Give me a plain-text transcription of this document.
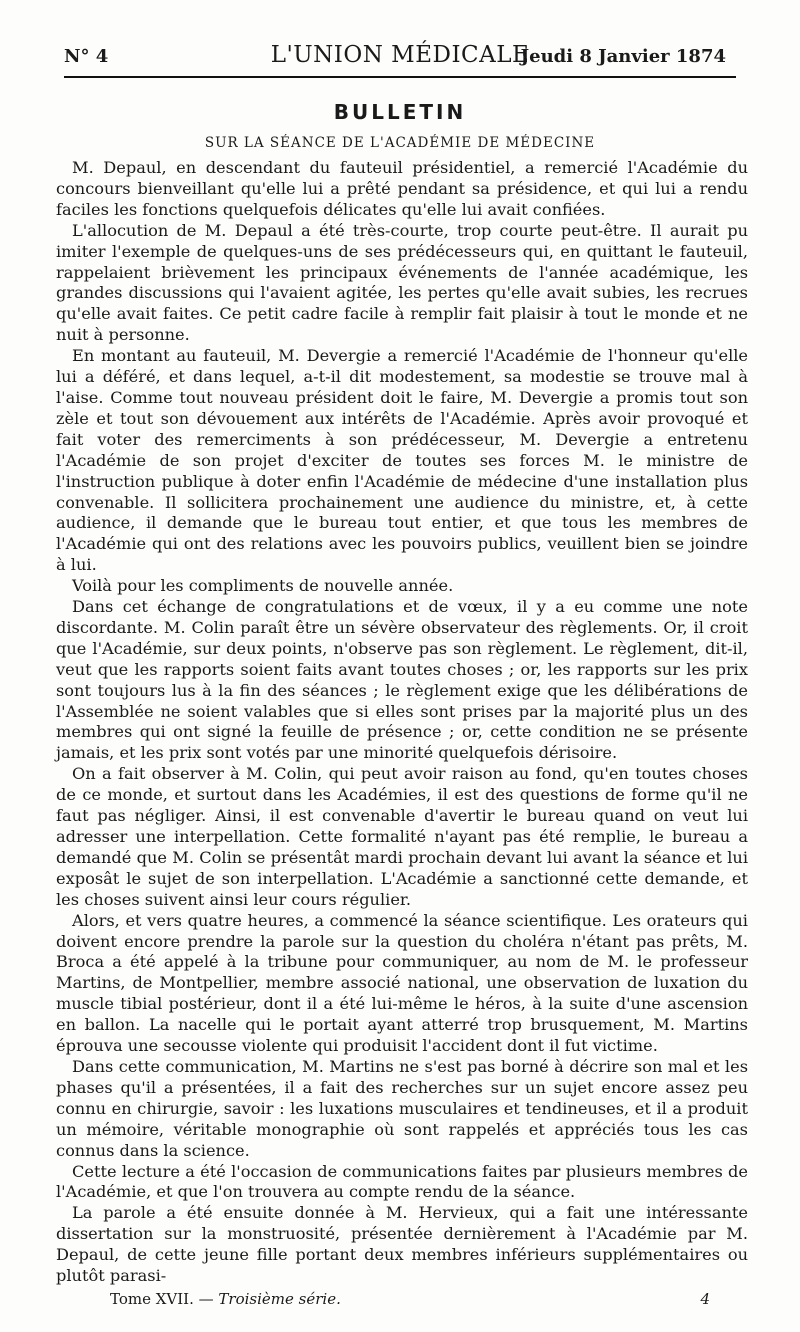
N° 4	L'UNION MÉDICALE
Jeudi 8 Janvier 1874
BULLETIN
SUR LA SÉANCE DE L'ACADÉMIE DE MÉDECINE

M. Depaul, en descendant du fauteuil présidentiel, a remercié l'Académie du concours bienveillant qu'elle lui a prêté pendant sa présidence, et qui lui a rendu faciles les fonctions quelquefois délicates qu'elle lui avait confiées.

L'allocution de M. Depaul a été très-courte, trop courte peut-être. Il aurait pu imiter l'exemple de quelques-uns de ses prédécesseurs qui, en quittant le fauteuil, rappelaient brièvement les principaux événements de l'année académique, les grandes discussions qui l'avaient agitée, les pertes qu'elle avait subies, les recrues qu'elle avait faites. Ce petit cadre facile à remplir fait plaisir à tout le monde et ne nuit à personne.

En montant au fauteuil, M. Devergie a remercié l'Académie de l'honneur qu'elle lui a déféré, et dans lequel, a-t-il dit modestement, sa modestie se trouve mal à l'aise. Comme tout nouveau président doit le faire, M. Devergie a promis tout son zèle et tout son dévouement aux intérêts de l'Académie. Après avoir provoqué et fait voter des remerciments à son prédécesseur, M. Devergie a entretenu l'Académie de son projet d'exciter de toutes ses forces M. le ministre de l'instruction publique à doter enfin l'Académie de médecine d'une installation plus convenable. Il sollicitera prochainement une audience du ministre, et, à cette audience, il demande que le bureau tout entier, et que tous les membres de l'Académie qui ont des relations avec les pouvoirs publics, veuillent bien se joindre à lui.

Voilà pour les compliments de nouvelle année.

Dans cet échange de congratulations et de vœux, il y a eu comme une note discordante. M. Colin paraît être un sévère observateur des règlements. Or, il croit que l'Académie, sur deux points, n'observe pas son règlement. Le règlement, dit-il, veut que les rapports soient faits avant toutes choses ; or, les rapports sur les prix sont toujours lus à la fin des séances ; le règlement exige que les délibérations de l'Assemblée ne soient valables que si elles sont prises par la majorité plus un des membres qui ont signé la feuille de présence ; or, cette condition ne se présente jamais, et les prix sont votés par une minorité quelquefois dérisoire.

On a fait observer à M. Colin, qui peut avoir raison au fond, qu'en toutes choses de ce monde, et surtout dans les Académies, il est des questions de forme qu'il ne faut pas négliger. Ainsi, il est convenable d'avertir le bureau quand on veut lui adresser une interpellation. Cette formalité n'ayant pas été remplie, le bureau a demandé que M. Colin se présentât mardi prochain devant lui avant la séance et lui exposât le sujet de son interpellation. L'Académie a sanctionné cette demande, et les choses suivent ainsi leur cours régulier.

Alors, et vers quatre heures, a commencé la séance scientifique. Les orateurs qui doivent encore prendre la parole sur la question du choléra n'étant pas prêts, M. Broca a été appelé à la tribune pour communiquer, au nom de M. le professeur Martins, de Montpellier, membre associé national, une observation de luxation du muscle tibial postérieur, dont il a été lui-même le héros, à la suite d'une ascension en ballon. La nacelle qui le portait ayant atterré trop brusquement, M. Martins éprouva une secousse violente qui produisit l'accident dont il fut victime.

Dans cette communication, M. Martins ne s'est pas borné à décrire son mal et les phases qu'il a présentées, il a fait des recherches sur un sujet encore assez peu connu en chirurgie, savoir : les luxations musculaires et tendineuses, et il a produit un mémoire, véritable monographie où sont rappelés et appréciés tous les cas connus dans la science.

Cette lecture a été l'occasion de communications faites par plusieurs membres de l'Académie, et que l'on trouvera au compte rendu de la séance.

La parole a été ensuite donnée à M. Hervieux, qui a fait une intéressante dissertation sur la monstruosité, présentée dernièrement à l'Académie par M. Depaul, de cette jeune fille portant deux membres inférieurs supplémentaires ou plutôt parasi-

Tome XVII. — Troisième série.	4
